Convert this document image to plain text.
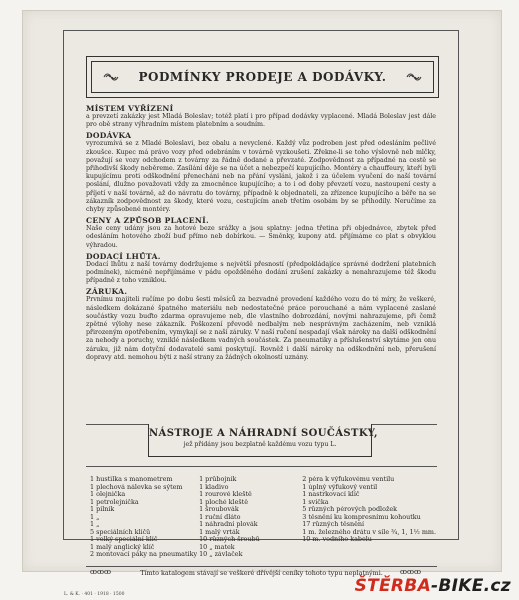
PODMÍNKY PRODEJE A DODÁVKY.

MÍSTEM VYŘÍZENÍ

a prevzetí zakázky jest Mladá Boleslav; totéž platí i pro případ dodávky vyplacené. Mladá Boleslav jest dále pro obě strany výhradním místem platebním a soudním.

DODÁVKA

vyrozumívá se z Mladé Boleslavi, bez obalu a nevyclené. Každý vůz podroben jest před odesláním pečlivé zkoušce. Kupec má právo vozy před odebráním v továrně vyzkoušeti. Zřekne-li se toho výslovně neb mlčky, považují se vozy odchodem z továrny za řádně dodané a převzaté. Zodpovědnost za případné na cestě se přihodivší škody neběreme. Zasílání děje se na účet a nebezpečí kupujícího. Montéry a chauffeury, kteří byli kupujícímu proti odškodnění přenecháni neb na přání vysláni, jakož i za účelem vyučení do naší tovární poslání, dlužno považovati vždy za zmocněnce kupujícího; a to i od doby převzetí vozu, nastoupení cesty a příjetí v naší továrně, až do návratu do továrny, případně k objednateli, za zřízence kupujícího a běře na se zákazník zodpovědnost za škody, které vozu, cestujícím aneb třetím osobám by se přihodily. Neručíme za chyby způsobené montéry.

CENY A ZPŮSOB PLACENÍ.

Naše ceny udány jsou za hotové beze srážky a jsou splatny: jedna třetina při objednávce, zbytek před odesláním hotového zboží buď přímo neb dobírkou. — Směnky, kupony atd. přijímáme co plat s obvyklou výhradou.

DODACÍ LHŮTA.

Dodací lhůtu z naší továrny dodržujeme s největší přesností (předpokládajíce správné dodržení platebních podmínek), nicméně nepřijímáme v pádu opožděného dodání zrušení zakázky a nenahrazujeme též škodu případně z toho vzniklou.

ZÁRUKA.

Prvnímu majiteli ručíme po dobu šesti měsíců za bezvadné provedení každého vozu do té míry, že veškeré, následkem dokázané špatného materiálu neb nedostatečné práce porouchané a nám vyplacené zaslané součástky vozu buďto zdarma opravujeme neb, dle vlastního dobrozdání, novými nahrazujeme, při čemž zpětné výlohy nese zákazník. Poškození převodě nedbalým neb nesprávným zacházením, neb vzniklá přirozeným opotřebením, vymykají se z naší záruky. V naší ručení nespadají však nároky na další odškodnění za nehody a poruchy, vzniklé následkem vadných součástek. Za pneumatiky a příslušenství skytáme jen onu záruku, již nám dotyční dodavatelé sami poskytují. Rovněž i další nároky na odškodnění neb, přerušení dopravy atd. nemohou býti z naší strany za žádných okolností uznány.

NÁSTROJE A NÁHRADNÍ SOUČÁSTKY,
jež přidány jsou bezplatně každému vozu typu L.
1 hustilka s manometrem
1 plechová nálevka se sýtem
1 olejnička
1 petrolejnička
1 pilník
1 „
1 „
5 speciálních klíčů
1 velký speciální klíč
1 malý anglický klíč
2 montovací páky na pneumatiky
1 průbojník
1 kladivo
1 rourové kleště
1 ploché kleště
1 šroubovák
1 ruční dláto
1 náhradní plovák
1 malý vrták
10 různých šroubů
10 „ matek
10 „ závlaček
2 péra k výfukovému ventilu
1 úplný výfukový ventil
1 nastrkovací klíč
1 svíčka
5 různých pérových podložek
3 těsnění ku kompresnímu kohoutku
17 různých těsnění
1 m. železného drátu v síle ¾, 1, 1½ mm.
10 m. vodního kabelu
ꝏꝏꝏ	Tímto katalogem stávají se veškeré dřívější ceníky tohoto typu neplatnými.	ꝏꝏꝏ
L. & K. · 401 · 1918 · 1500	ŠTĚRBA-BIKE.cz
